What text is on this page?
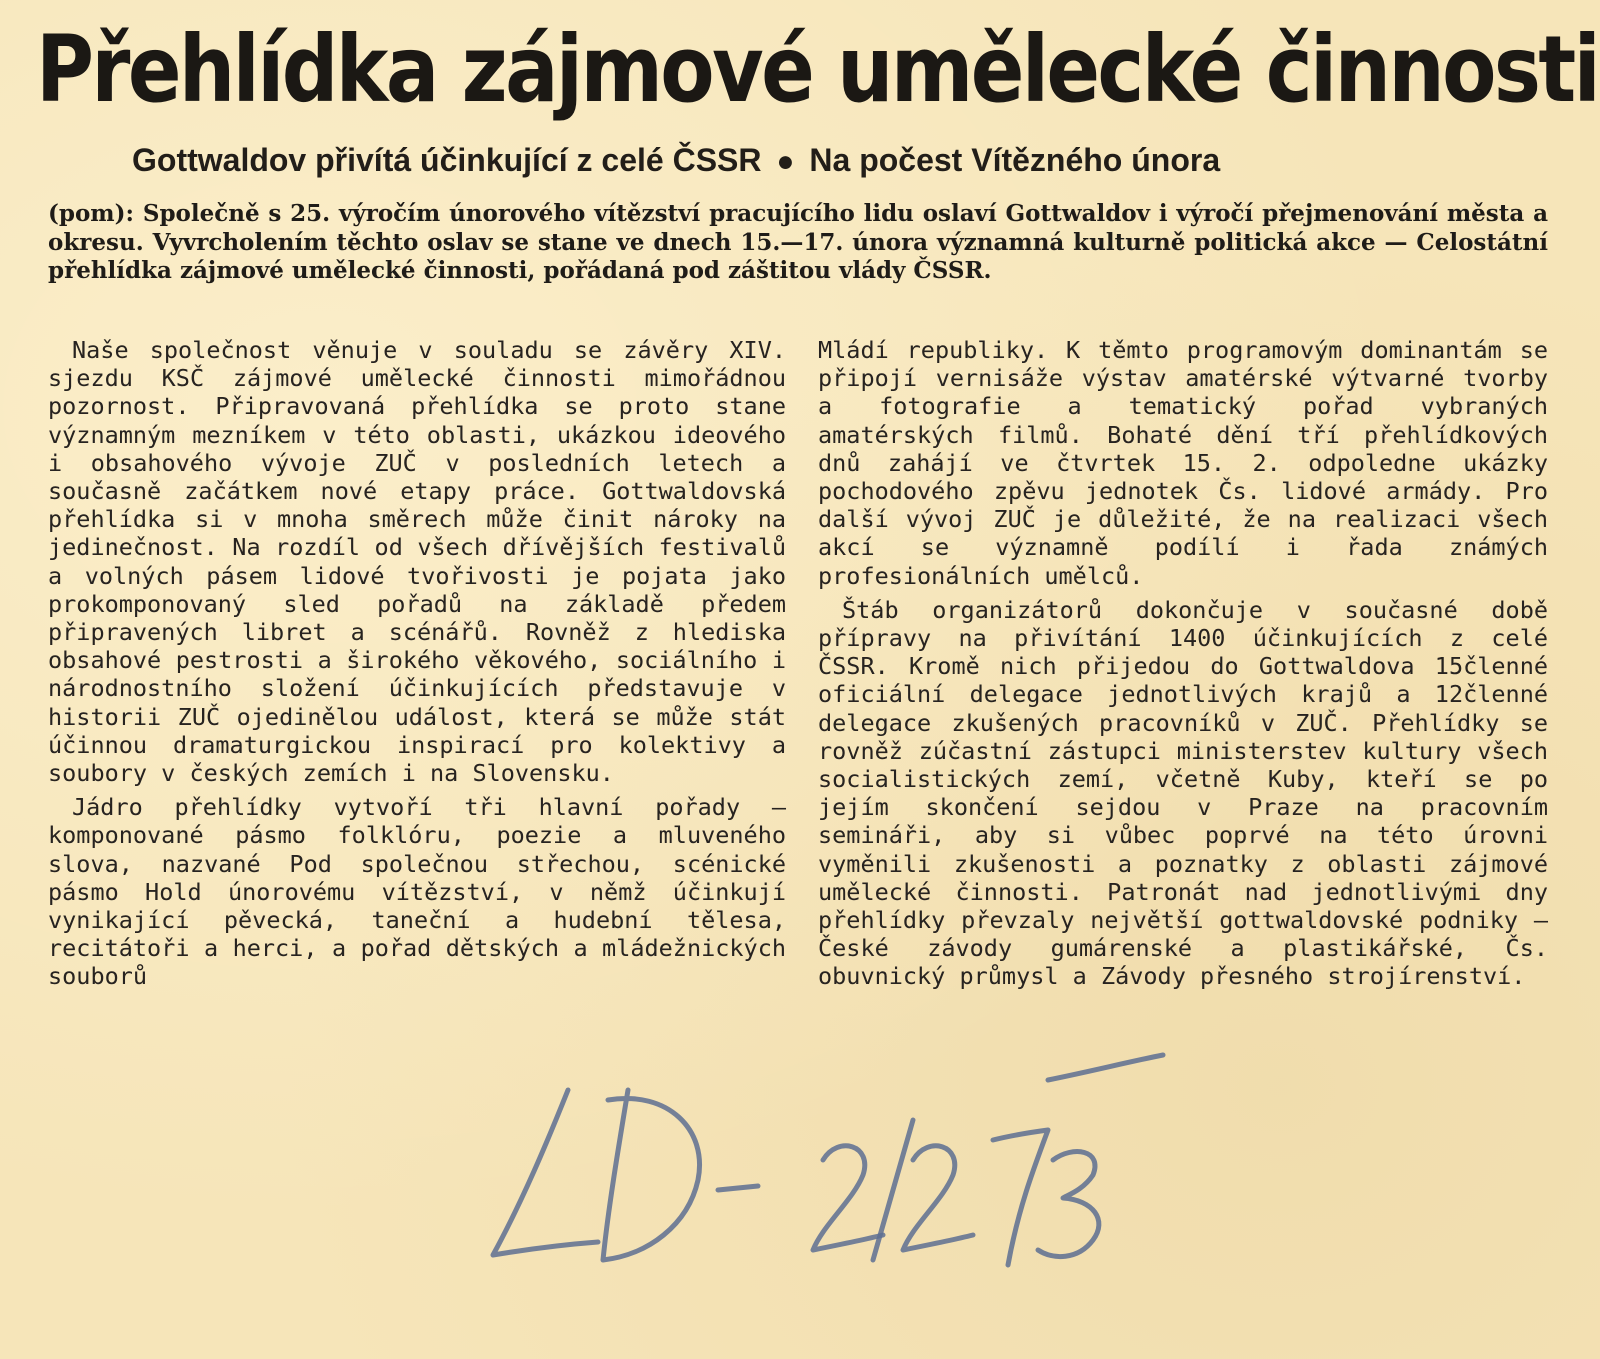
Přehlídka zájmové umělecké činnosti
Gottwaldov přivítá účinkující z celé ČSSR ● Na počest Vítězného února

(pom): Společně s 25. výročím únorového vítězství pracujícího lidu oslaví Gottwaldov i výročí přejmenování města a okresu. Vyvrcholením těchto oslav se stane ve dnech 15.—17. února významná kulturně politická akce — Celostátní přehlídka zájmové umělecké činnosti, pořádaná pod záštitou vlády ČSSR.

Naše společnost věnuje v souladu se závěry XIV. sjezdu KSČ zájmové umělecké činnosti mimořádnou pozornost. Připravovaná přehlídka se proto stane významným mezníkem v této oblasti, ukázkou ideového i obsahového vývoje ZUČ v posledních letech a současně začátkem nové etapy práce. Gottwaldovská přehlídka si v mnoha směrech může činit nároky na jedinečnost. Na rozdíl od všech dřívějších festivalů a volných pásem lidové tvořivosti je pojata jako prokomponovaný sled pořadů na základě předem připravených libret a scénářů. Rovněž z hlediska obsahové pestrosti a širokého věkového, sociálního i národnostního složení účinkujících představuje v historii ZUČ ojedinělou událost, která se může stát účinnou dramaturgickou inspirací pro kolektivy a soubory v českých zemích i na Slovensku.

Jádro přehlídky vytvoří tři hlavní pořady — komponované pásmo folklóru, poezie a mluveného slova, nazvané Pod společnou střechou, scénické pásmo Hold únorovému vítězství, v němž účinkují vynikající pěvecká, taneční a hudební tělesa, recitátoři a herci, a pořad dětských a mládežnických souborů

Mládí republiky. K těmto programovým dominantám se připojí vernisáže výstav amatérské výtvarné tvorby a fotografie a tematický pořad vybraných amatérských filmů. Bohaté dění tří přehlídkových dnů zahájí ve čtvrtek 15. 2. odpoledne ukázky pochodového zpěvu jednotek Čs. lidové armády. Pro další vývoj ZUČ je důležité, že na realizaci všech akcí se významně podílí i řada známých profesionálních umělců.

Štáb organizátorů dokončuje v současné době přípravy na přivítání 1400 účinkujících z celé ČSSR. Kromě nich přijedou do Gottwaldova 15členné oficiální delegace jednotlivých krajů a 12členné delegace zkušených pracovníků v ZUČ. Přehlídky se rovněž zúčastní zástupci ministerstev kultury všech socialistických zemí, včetně Kuby, kteří se po jejím skončení sejdou v Praze na pracovním semináři, aby si vůbec poprvé na této úrovni vyměnili zkušenosti a poznatky z oblasti zájmové umělecké činnosti. Patronát nad jednotlivými dny přehlídky převzaly největší gottwaldovské podniky — České závody gumárenské a plastikářské, Čs. obuvnický průmysl a Závody přesného strojírenství.
